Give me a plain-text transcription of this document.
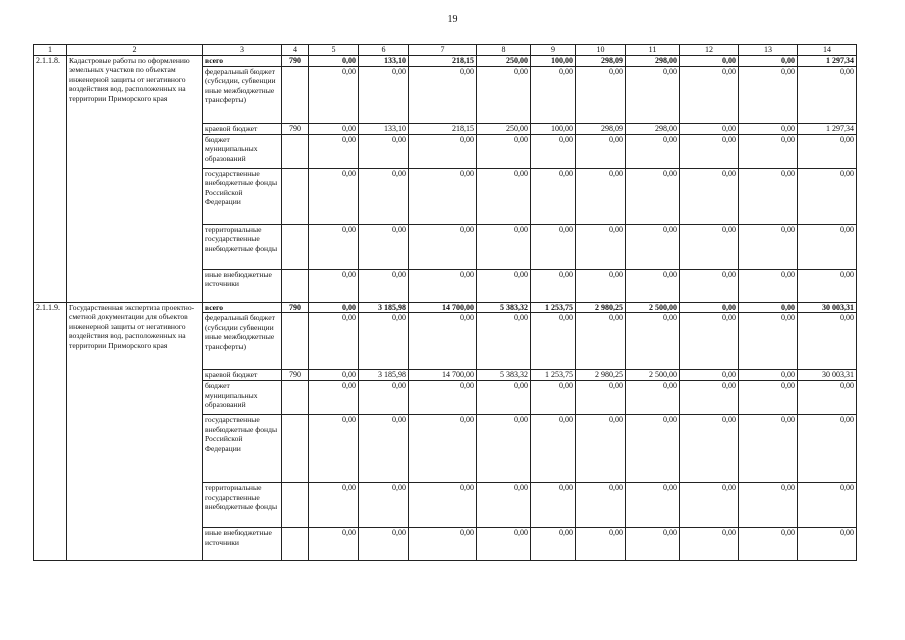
19
1	2	3	4	5	6	7	8	9	10	11	12	13	14
2.1.1.8.	Кадастровые работы по оформлению земельных участков по объектам инженерной защиты от негативного воздействия вод, расположенных на территории Приморского края	всего	790	0,00	133,10	218,15	250,00	100,00	298,09	298,00	0,00	0,00	1 297,34
		федеральный бюджет (субсидии, субвенции иные межбюджетные трансферты)		0,00	0,00	0,00	0,00	0,00	0,00	0,00	0,00	0,00	0,00
		краевой бюджет	790	0,00	133,10	218,15	250,00	100,00	298,09	298,00	0,00	0,00	1 297,34
		бюджет муниципальных образований		0,00	0,00	0,00	0,00	0,00	0,00	0,00	0,00	0,00	0,00
		государственные внебюджетные фонды Российской Федерации		0,00	0,00	0,00	0,00	0,00	0,00	0,00	0,00	0,00	0,00
		территориальные государственные внебюджетные фонды		0,00	0,00	0,00	0,00	0,00	0,00	0,00	0,00	0,00	0,00
		иные внебюджетные источники		0,00	0,00	0,00	0,00	0,00	0,00	0,00	0,00	0,00	0,00
2.1.1.9.	Государственная экспертиза проектно-сметной документации для объектов инженерной защиты от негативного воздействия вод, расположенных на территории Приморского края	всего	790	0,00	3 185,98	14 700,00	5 383,32	1 253,75	2 980,25	2 500,00	0,00	0,00	30 003,31
		федеральный бюджет (субсидии субвенции иные межбюджетные трансферты)		0,00	0,00	0,00	0,00	0,00	0,00	0,00	0,00	0,00	0,00
		краевой бюджет	790	0,00	3 185,98	14 700,00	5 383,32	1 253,75	2 980,25	2 500,00	0,00	0,00	30 003,31
		бюджет муниципальных образований		0,00	0,00	0,00	0,00	0,00	0,00	0,00	0,00	0,00	0,00
		государственные внебюджетные фонды Российской Федерации		0,00	0,00	0,00	0,00	0,00	0,00	0,00	0,00	0,00	0,00
		территориальные государственные внебюджетные фонды		0,00	0,00	0,00	0,00	0,00	0,00	0,00	0,00	0,00	0,00
		иные внебюджетные источники		0,00	0,00	0,00	0,00	0,00	0,00	0,00	0,00	0,00	0,00
